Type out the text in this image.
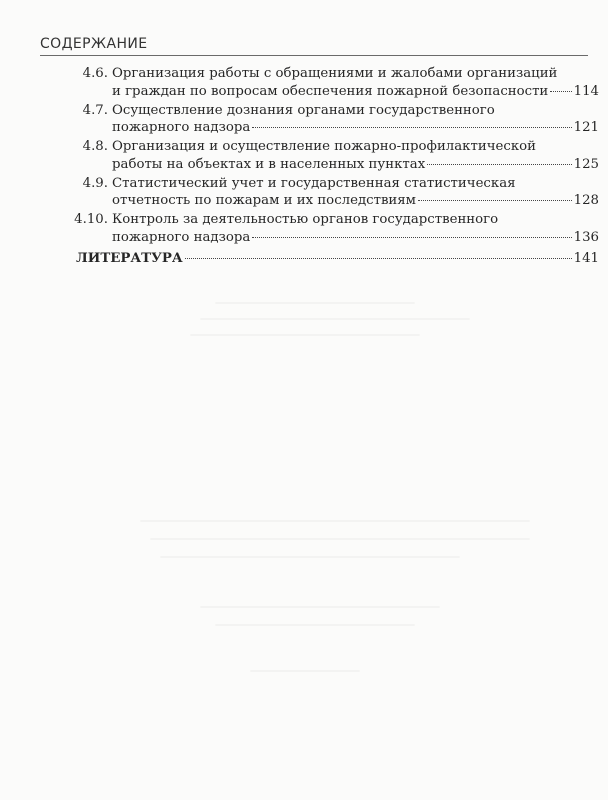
СОДЕРЖАНИЕ
4.6. Организация работы с обращениями и жалобами организаций
и граждан по вопросам обеспечения пожарной безопасности 114
4.7. Осуществление дознания органами государственного
пожарного надзора	121
4.8. Организация и осуществление пожарно-профилактической
работы на объектах и в населенных пунктах	125
4.9. Статистический учет и государственная статистическая
отчетность по пожарам и их последствиям	128
4.10. Контроль за деятельностью органов государственного
пожарного надзора	136
ЛИТЕРАТУРА	141
